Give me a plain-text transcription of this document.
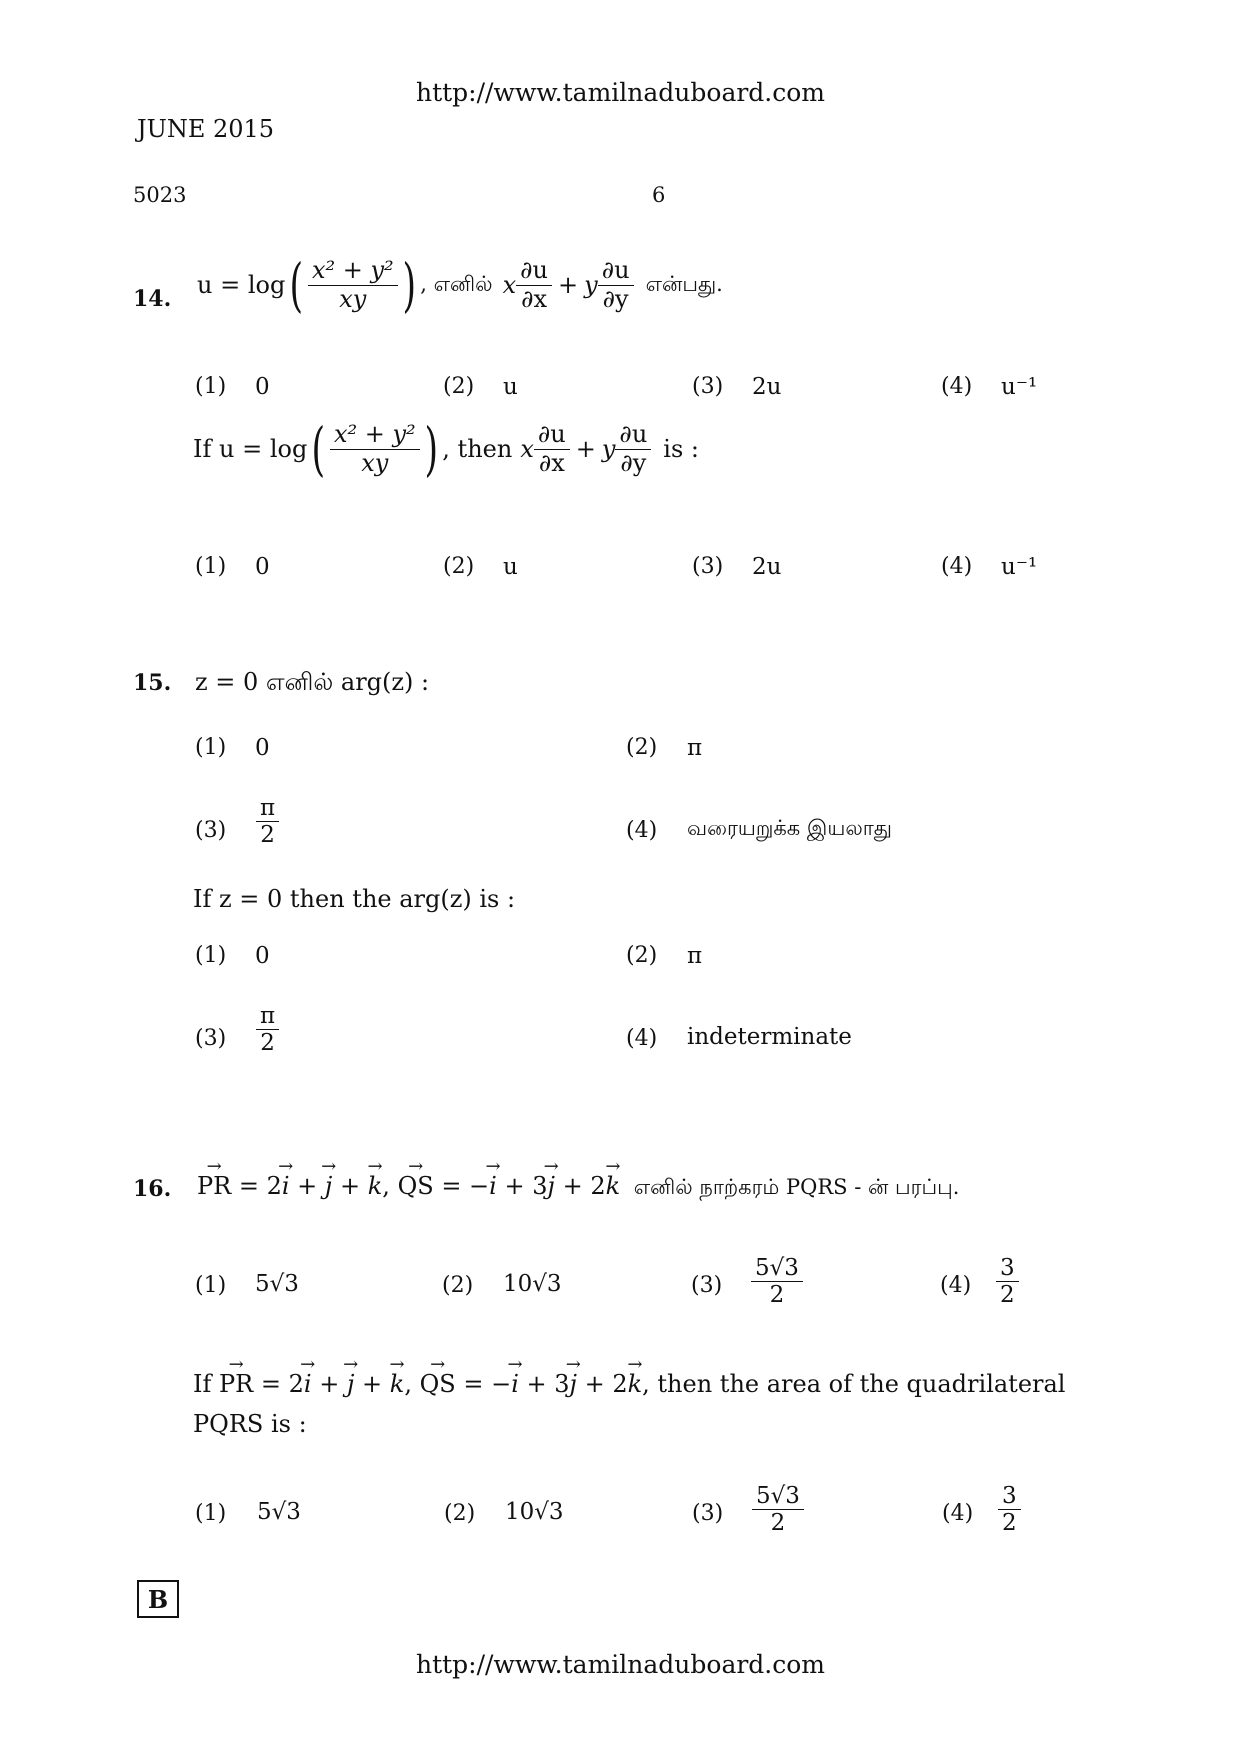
http://www.tamilnaduboard.com
JUNE 2015
5023	6
14. u = log ( $\frac{\text{x² + y²}}{xy}$ ) , எனில் x $\frac{\partial u}{\partial x} + y \frac{\partial u}{\partial y}$ என்பது.
(1) 0	(2) u	(3) 2u	(4) u⁻¹
If u = log ( $\frac{\text{x² + y²}}{xy}$ ) , then x $\frac{\partial u}{\partial x} + y \frac{\partial u}{\partial y}$ is :
(1) 0	(2) u	(3) 2u	(4) u⁻¹
15. z = 0 எனில் arg(z) :
(1) 0	(2) π
$(3) \frac{\pi}{2}$	(4) வரையறுக்க இயலாது
If z = 0 then the arg(z) is :
(1) 0	(2) π
$(3) \frac{\pi}{2}$	(4) indeterminate
16. → PR = 2→ i + → j + → k, → QS = −→ i + 3→ j + 2→ k எனில் நாற்கரம் PQRS - ன் பரப்பு.
(1) 5√3	(2) 10√3	$(3) \frac{5√3}{2}$	$(4) \frac{3}{2}$
If → PR = 2→ i + → j + → k, → QS = −→ i + 3→ j + 2→ k, then the area of the quadrilateral
PQRS is :
(1) 5√3	(2) 10√3	$(3) \frac{5√3}{2}$	$(4) \frac{3}{2}$
B
http://www.tamilnaduboard.com
